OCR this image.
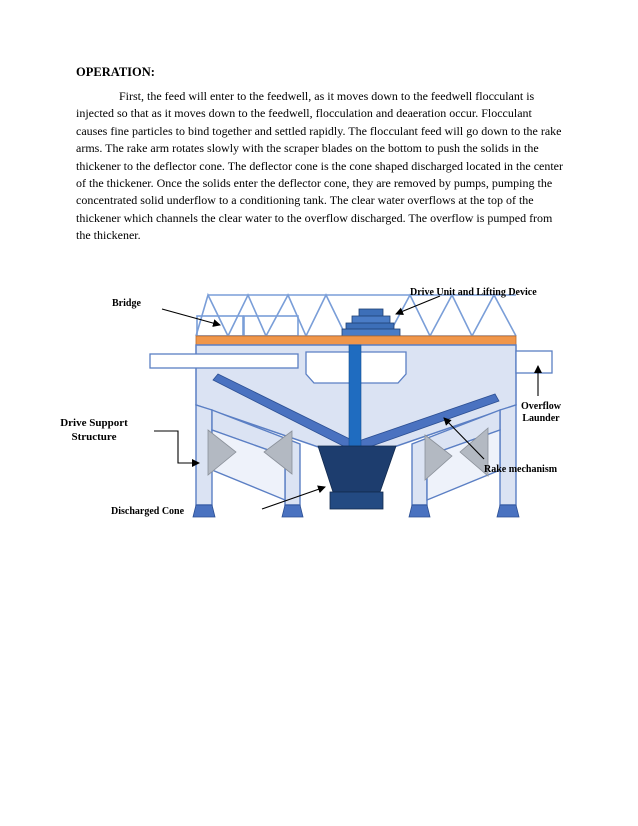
OPERATION:

First, the feed will enter to the feedwell, as it moves down to the feedwell flocculant is injected so that as it moves down to the feedwell, flocculation and deaeration occur. Flocculant causes fine particles to bind together and settled rapidly. The flocculant feed will go down to the rake arms. The rake arm rotates slowly with the scraper blades on the bottom to push the solids in the thickener to the deflector cone. The deflector cone is the cone shaped discharged located in the center of the thickener. Once the solids enter the deflector cone, they are removed by pumps, pumping the concentrated solid underflow to a conditioning tank. The clear water overflows at the top of the thickener which channels the clear water to the overflow discharged. The overflow is pumped from the thickener.

Drive Unit and Lifting Device
Bridge
Drive Support
Structure
Overflow
Launder
Rake mechanism
Discharged Cone
